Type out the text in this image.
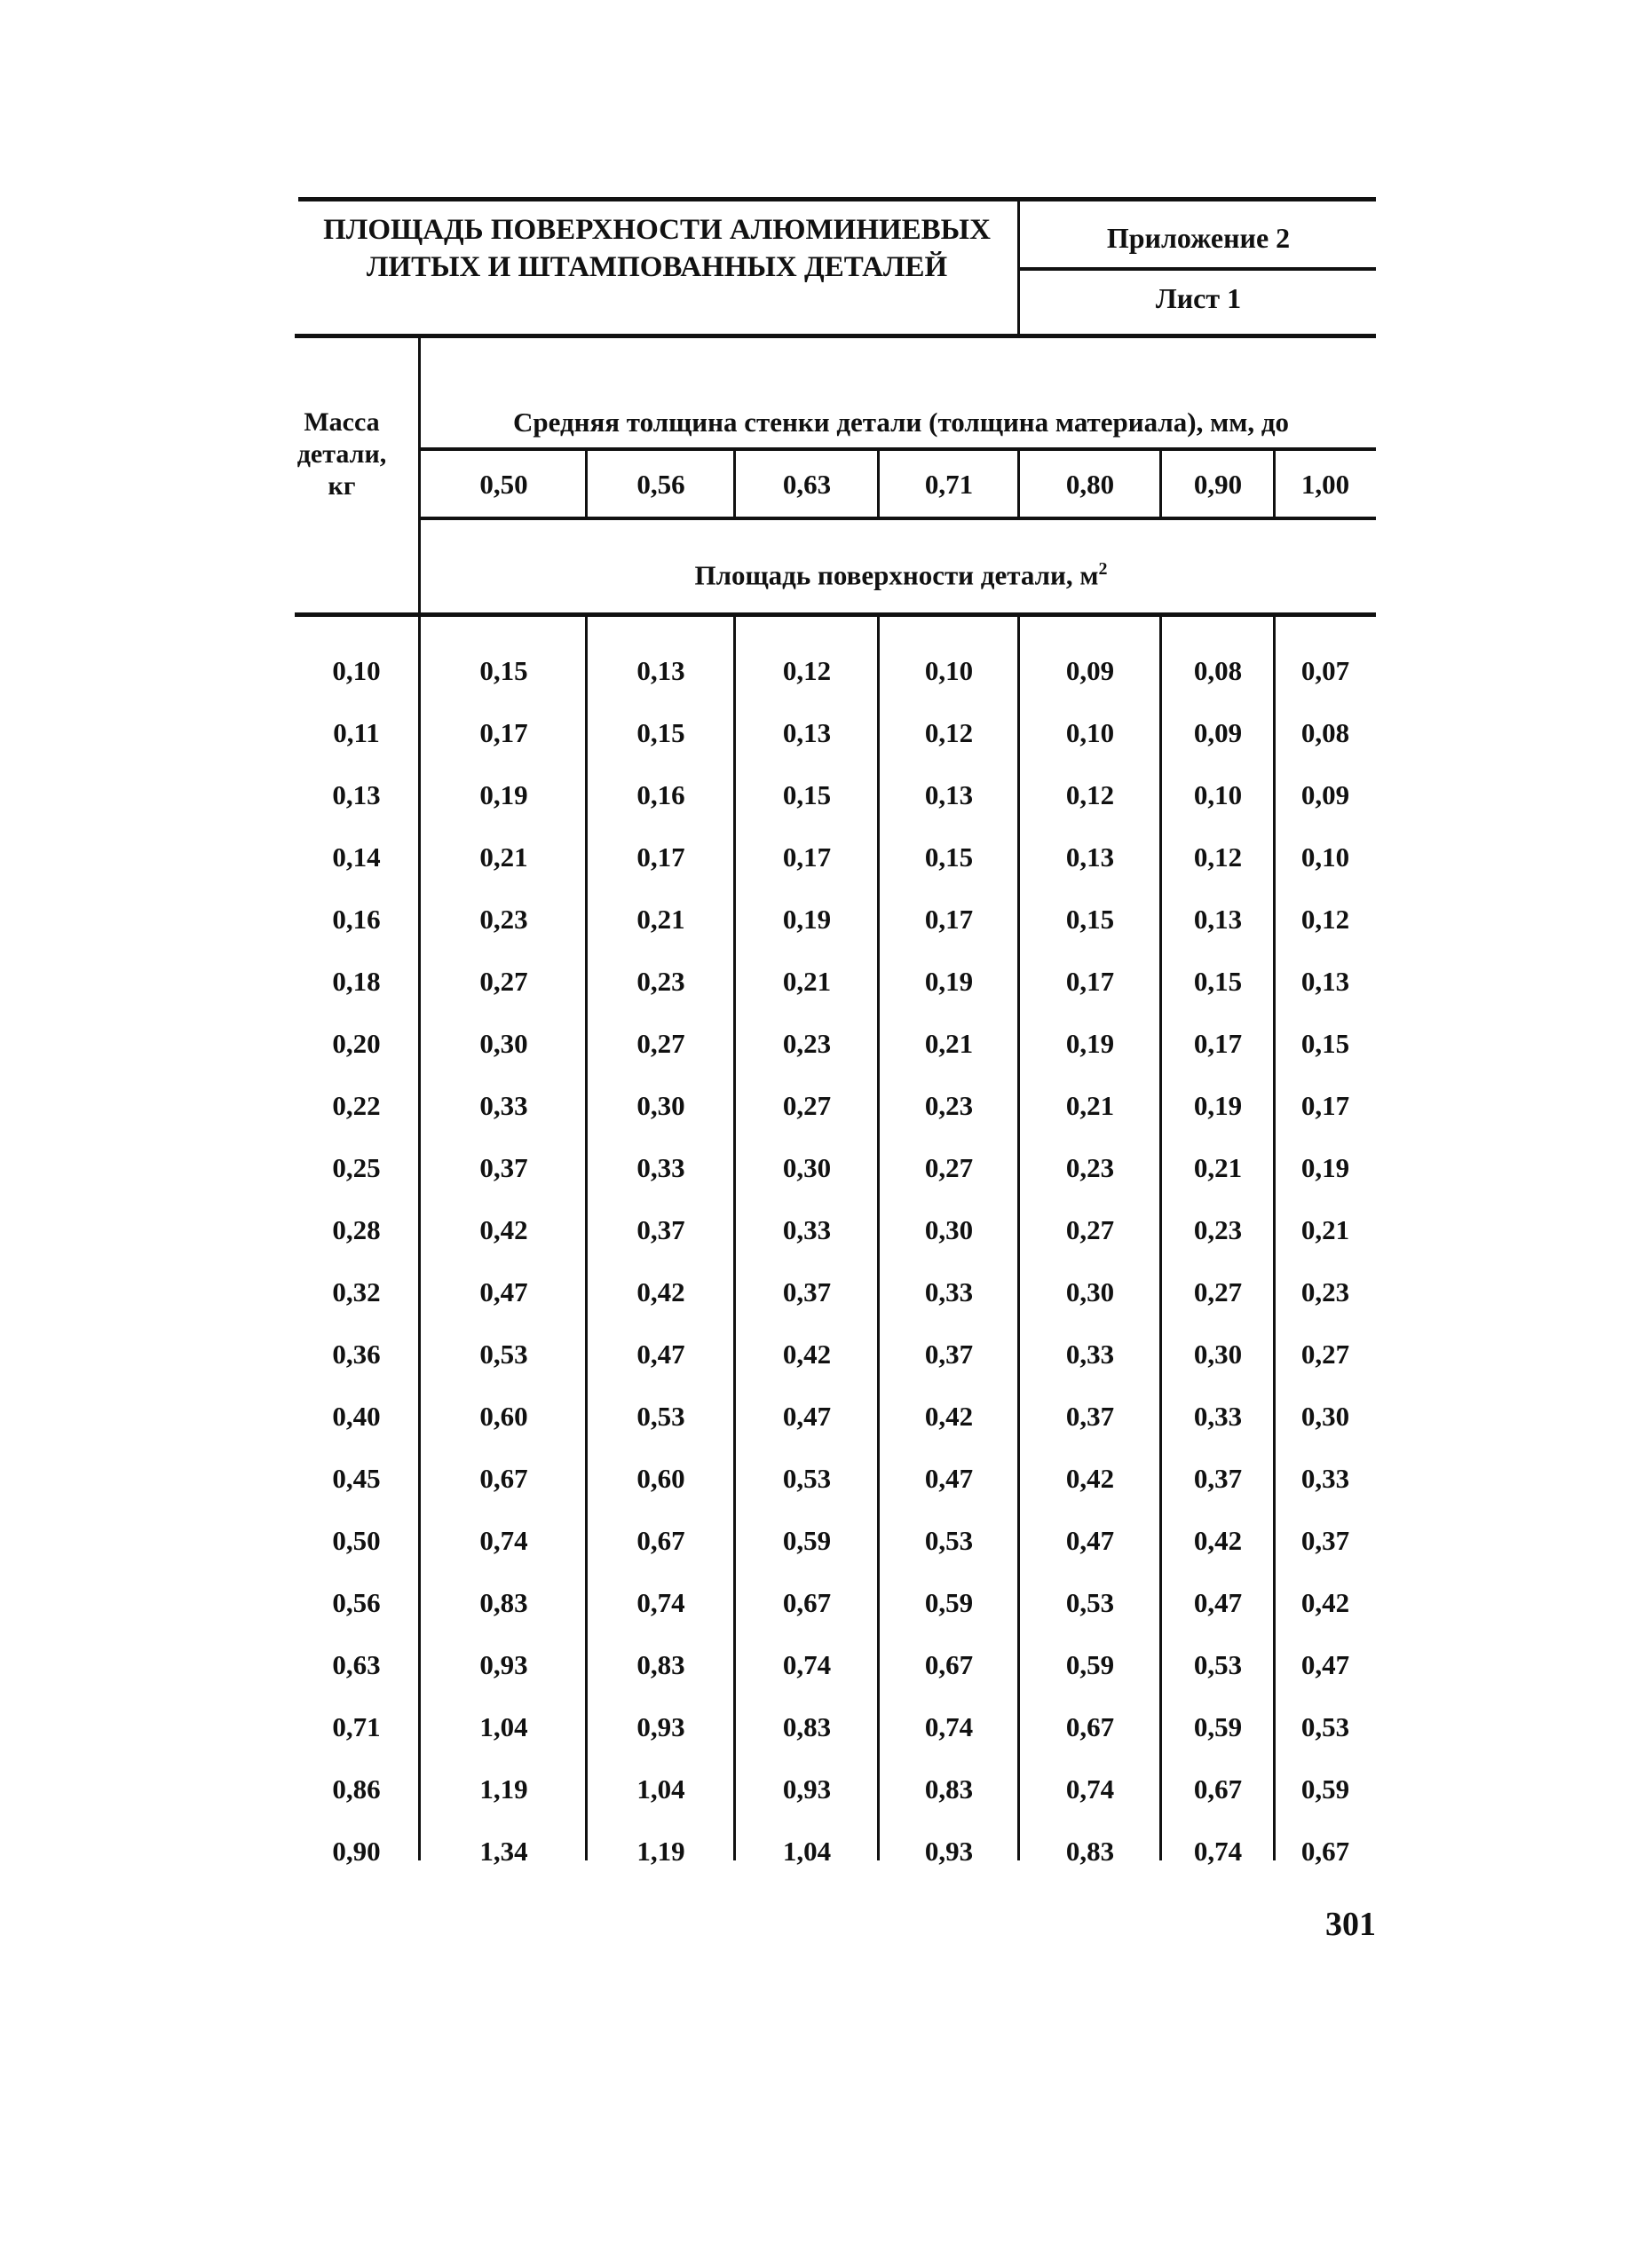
ПЛОЩАДЬ ПОВЕРХНОСТИ АЛЮМИНИЕВЫХ
ЛИТЫХ И ШТАМПОВАННЫХ ДЕТАЛЕЙ
Приложение 2
Лист 1
Масса
детали,
кг
Средняя толщина стенки детали (толщина материала), мм, до
0,50	0,56	0,63	0,71	0,80	0,90	1,00
Площадь поверхности детали, $м^2$
0,10	0,15	0,13	0,12	0,10	0,09	0,08	0,07
0,11	0,17	0,15	0,13	0,12	0,10	0,09	0,08
0,13	0,19	0,16	0,15	0,13	0,12	0,10	0,09
0,14	0,21	0,17	0,17	0,15	0,13	0,12	0,10
0,16	0,23	0,21	0,19	0,17	0,15	0,13	0,12
0,18	0,27	0,23	0,21	0,19	0,17	0,15	0,13
0,20	0,30	0,27	0,23	0,21	0,19	0,17	0,15
0,22	0,33	0,30	0,27	0,23	0,21	0,19	0,17
0,25	0,37	0,33	0,30	0,27	0,23	0,21	0,19
0,28	0,42	0,37	0,33	0,30	0,27	0,23	0,21
0,32	0,47	0,42	0,37	0,33	0,30	0,27	0,23
0,36	0,53	0,47	0,42	0,37	0,33	0,30	0,27
0,40	0,60	0,53	0,47	0,42	0,37	0,33	0,30
0,45	0,67	0,60	0,53	0,47	0,42	0,37	0,33
0,50	0,74	0,67	0,59	0,53	0,47	0,42	0,37
0,56	0,83	0,74	0,67	0,59	0,53	0,47	0,42
0,63	0,93	0,83	0,74	0,67	0,59	0,53	0,47
0,71	1,04	0,93	0,83	0,74	0,67	0,59	0,53
0,86	1,19	1,04	0,93	0,83	0,74	0,67	0,59
0,90	1,34	1,19	1,04	0,93	0,83	0,74	0,67
301
